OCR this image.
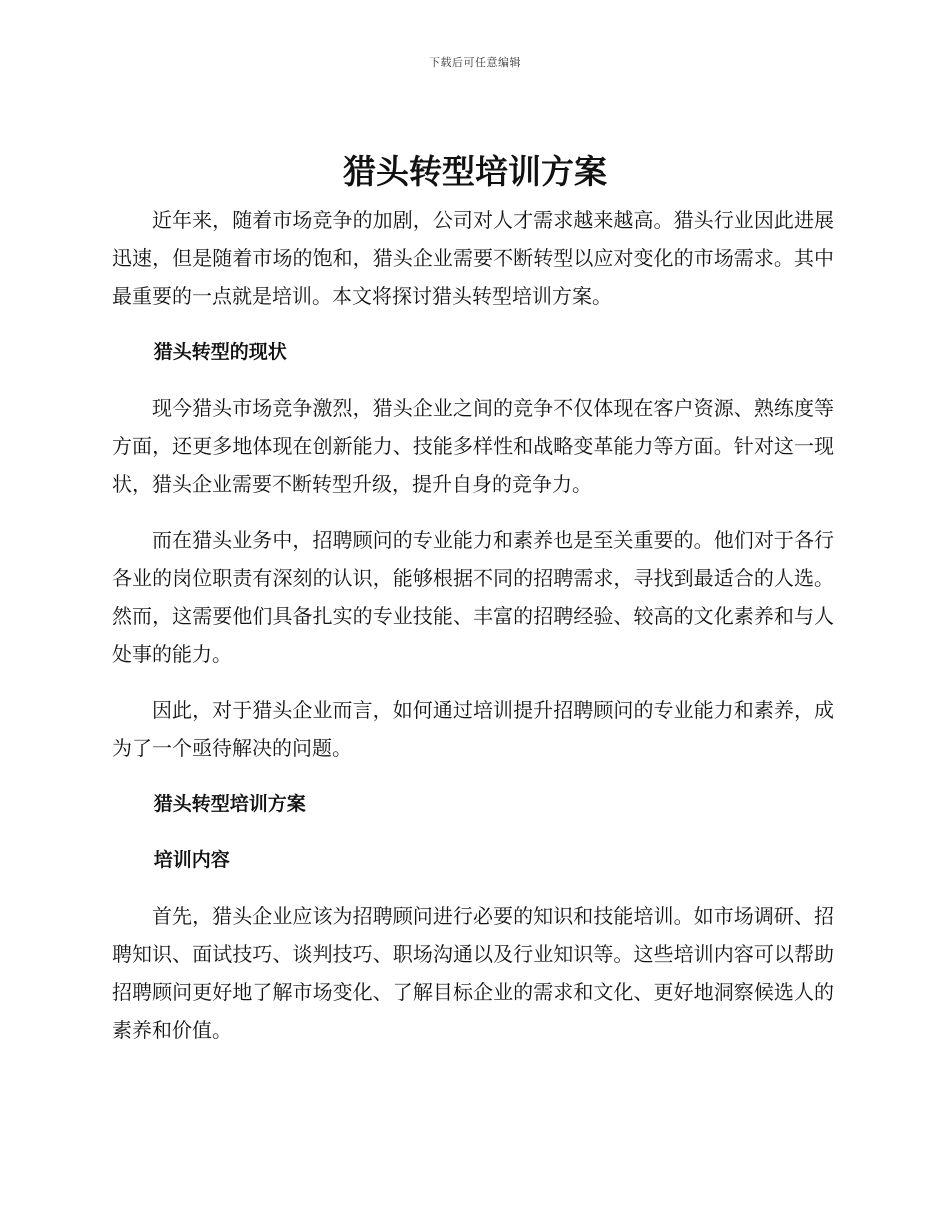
下载后可任意编辑
猎头转型培训方案

近年来，随着市场竞争的加剧，公司对人才需求越来越高。猎头行业因此进展迅速，但是随着市场的饱和，猎头企业需要不断转型以应对变化的市场需求。其中最重要的一点就是培训。本文将探讨猎头转型培训方案。

猎头转型的现状

现今猎头市场竞争激烈，猎头企业之间的竞争不仅体现在客户资源、熟练度等方面，还更多地体现在创新能力、技能多样性和战略变革能力等方面。针对这一现状，猎头企业需要不断转型升级，提升自身的竞争力。

而在猎头业务中，招聘顾问的专业能力和素养也是至关重要的。他们对于各行各业的岗位职责有深刻的认识，能够根据不同的招聘需求，寻找到最适合的人选。然而，这需要他们具备扎实的专业技能、丰富的招聘经验、较高的文化素养和与人处事的能力。

因此，对于猎头企业而言，如何通过培训提升招聘顾问的专业能力和素养，成为了一个亟待解决的问题。

猎头转型培训方案
培训内容

首先，猎头企业应该为招聘顾问进行必要的知识和技能培训。如市场调研、招聘知识、面试技巧、谈判技巧、职场沟通以及行业知识等。这些培训内容可以帮助招聘顾问更好地了解市场变化、了解目标企业的需求和文化、更好地洞察候选人的素养和价值。
